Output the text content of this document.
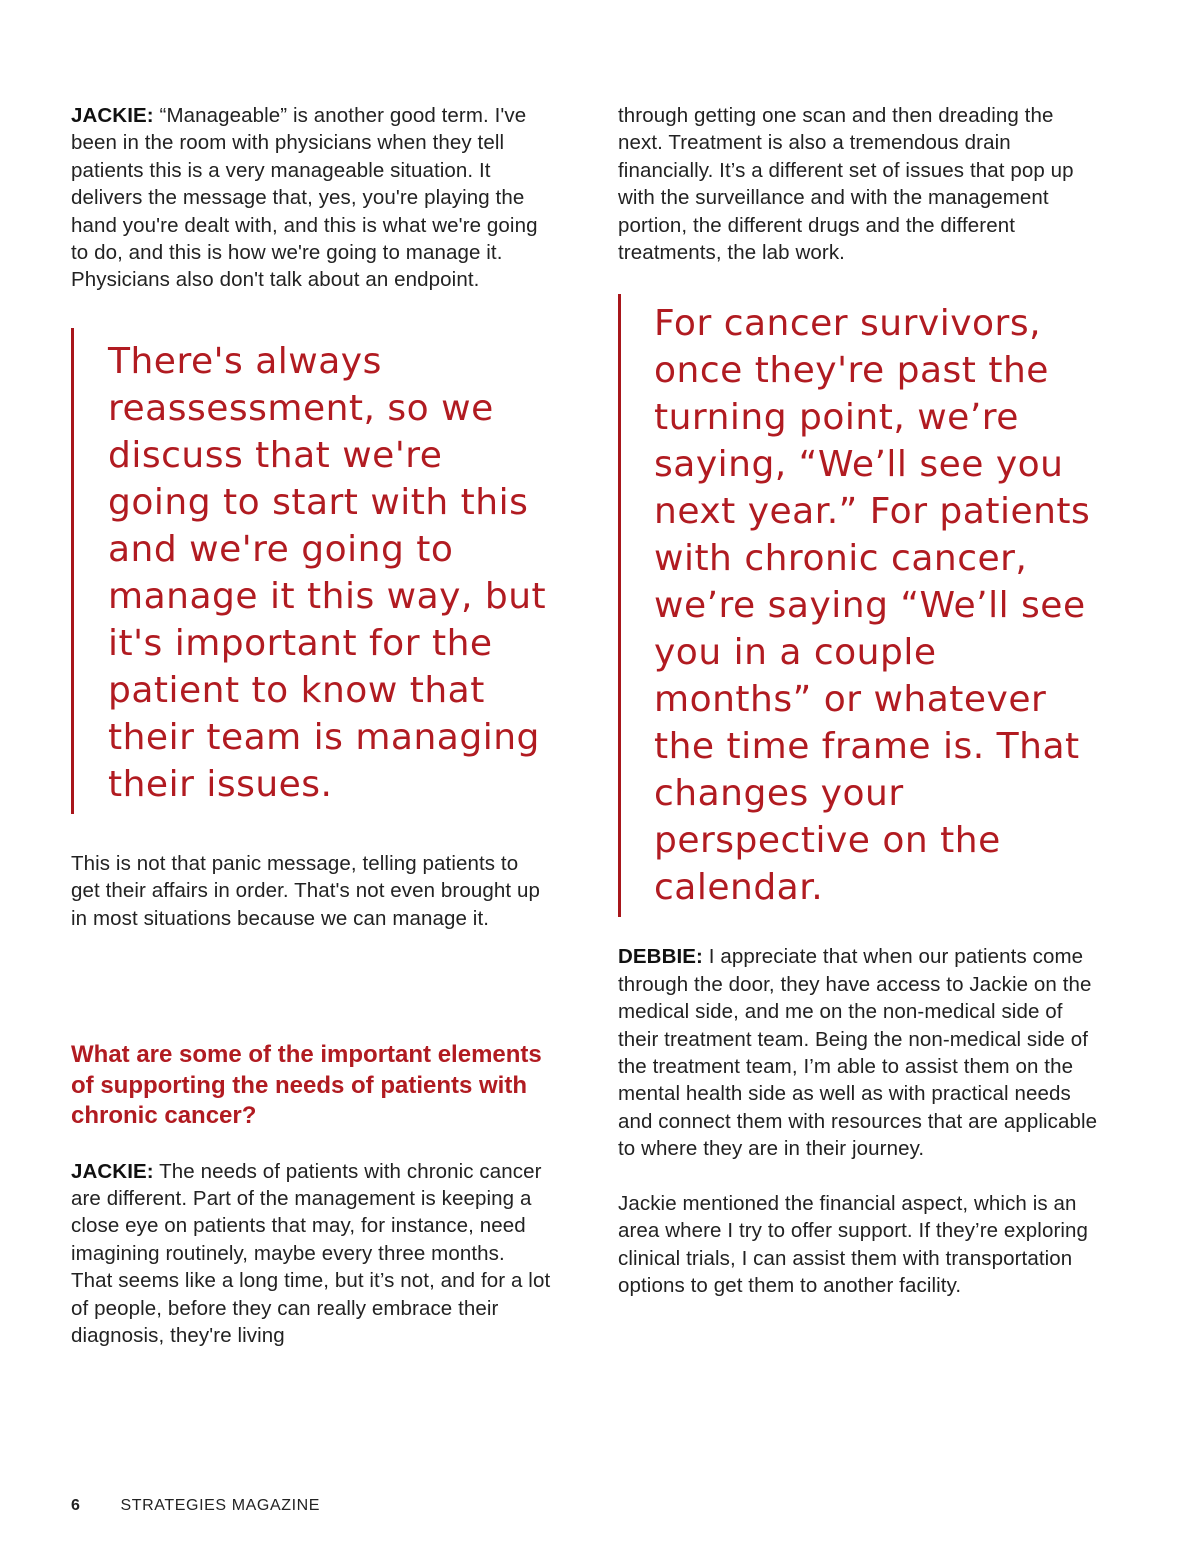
JACKIE: “Manageable” is another good term. I've been in the room with physicians when they tell patients this is a very manageable situation. It delivers the message that, yes, you're playing the hand you're dealt with, and this is what we're going to do, and this is how we're going to manage it. Physicians also don't talk about an endpoint.

There's always reassessment, so we discuss that we're going to start with this and we're going to manage it this way, but it's important for the patient to know that their team is managing their issues.

This is not that panic message, telling patients to get their affairs in order. That's not even brought up in most situations because we can manage it.

What are some of the important elements of supporting the needs of patients with chronic cancer?

JACKIE: The needs of patients with chronic cancer are different. Part of the management is keeping a close eye on patients that may, for instance, need imagining routinely, maybe every three months. That seems like a long time, but it’s not, and for a lot of people, before they can really embrace their diagnosis, they're living

through getting one scan and then dreading the next. Treatment is also a tremendous drain financially. It’s a different set of issues that pop up with the surveillance and with the management portion, the different drugs and the different treatments, the lab work.

For cancer survivors, once they're past the turning point, we’re saying, “We’ll see you next year.” For patients with chronic cancer, we’re saying “We’ll see you in a couple months” or whatever the time frame is. That changes your perspective on the calendar.

DEBBIE: I appreciate that when our patients come through the door, they have access to Jackie on the medical side, and me on the non-medical side of their treatment team. Being the non-medical side of the treatment team, I’m able to assist them on the mental health side as well as with practical needs and connect them with resources that are applicable to where they are in their journey.

Jackie mentioned the financial aspect, which is an area where I try to offer support. If they’re exploring clinical trials, I can assist them with transportation options to get them to another facility.

6	STRATEGIES MAGAZINE
